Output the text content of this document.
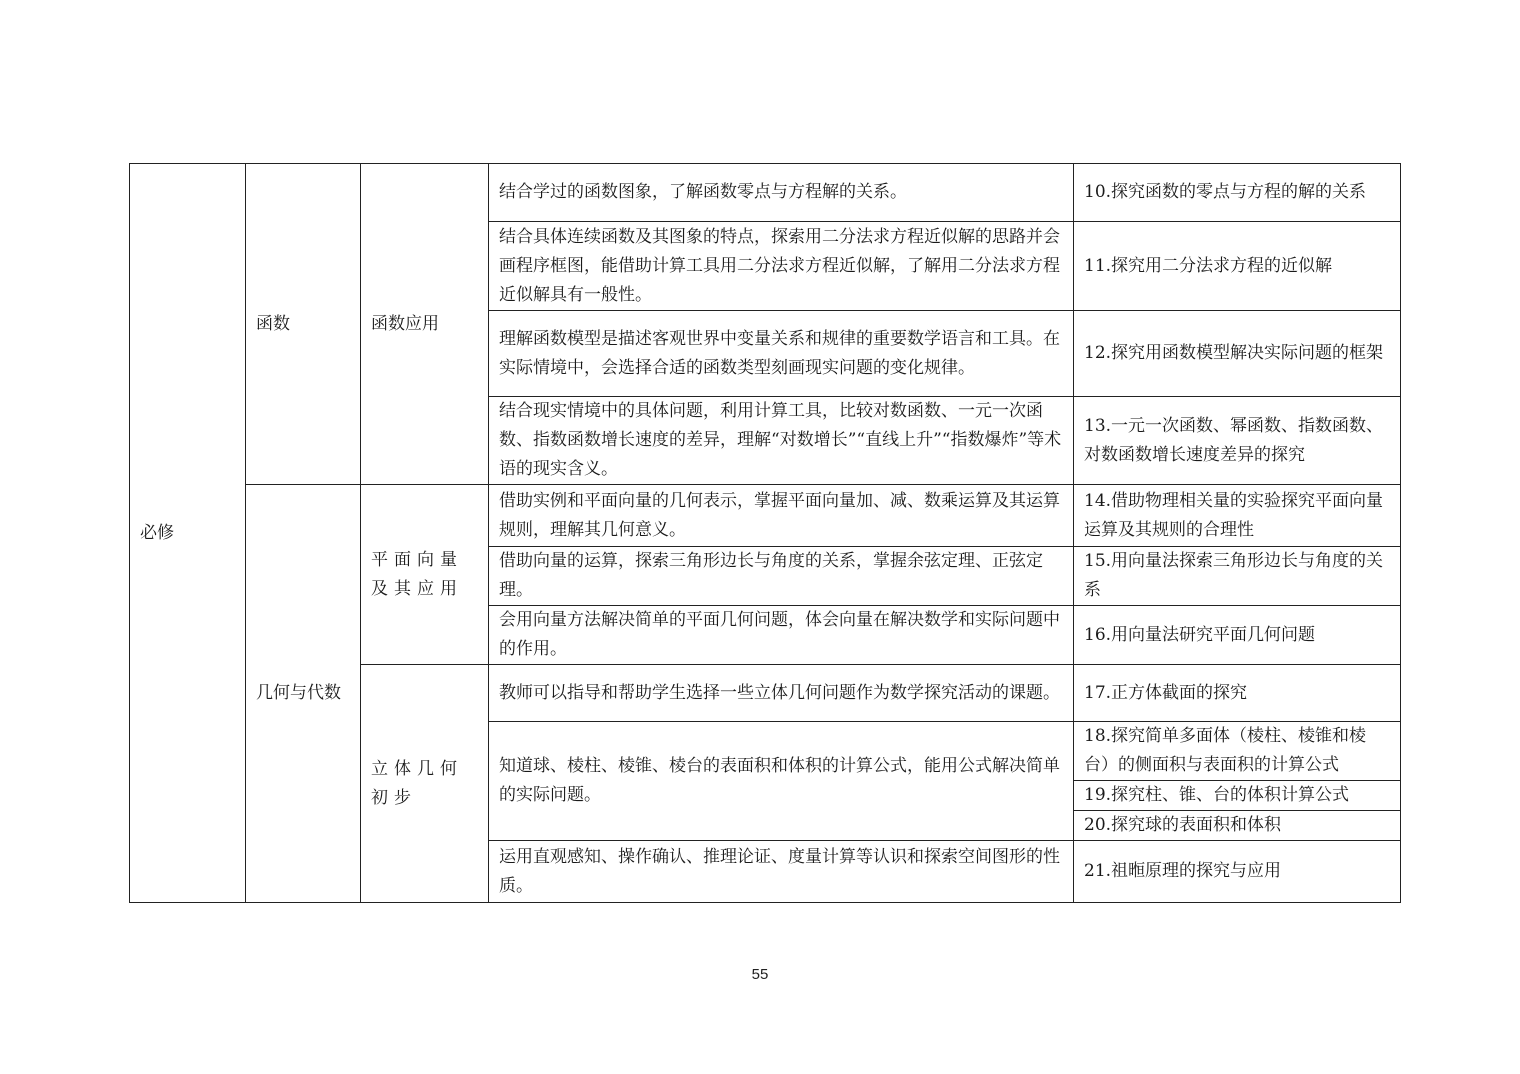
必修	函数	函数应用	结合学过的函数图象，了解函数零点与方程解的关系。	10.探究函数的零点与方程的解的关系
			结合具体连续函数及其图象的特点，探索用二分法求方程近似解的思路并会画程序框图，能借助计算工具用二分法求方程近似解，了解用二分法求方程近似解具有一般性。	11.探究用二分法求方程的近似解
			理解函数模型是描述客观世界中变量关系和规律的重要数学语言和工具。在实际情境中，会选择合适的函数类型刻画现实问题的变化规律。	12.探究用函数模型解决实际问题的框架
			结合现实情境中的具体问题，利用计算工具，比较对数函数、一元一次函数、指数函数增长速度的差异，理解“对数增长”“直线上升”“指数爆炸”等术语的现实含义。	13.一元一次函数、幂函数、指数函数、对数函数增长速度差异的探究
	几何与代数	平面向量及其应用	借助实例和平面向量的几何表示，掌握平面向量加、减、数乘运算及其运算规则，理解其几何意义。	14.借助物理相关量的实验探究平面向量运算及其规则的合理性
			借助向量的运算，探索三角形边长与角度的关系，掌握余弦定理、正弦定理。	15.用向量法探索三角形边长与角度的关系
			会用向量方法解决简单的平面几何问题，体会向量在解决数学和实际问题中的作用。	16.用向量法研究平面几何问题
		立体几何初步	教师可以指导和帮助学生选择一些立体几何问题作为数学探究活动的课题。	17.正方体截面的探究
			知道球、棱柱、棱锥、棱台的表面积和体积的计算公式，能用公式解决简单的实际问题。	18.探究简单多面体（棱柱、棱锥和棱台）的侧面积与表面积的计算公式
				19.探究柱、锥、台的体积计算公式
				20.探究球的表面积和体积
			运用直观感知、操作确认、推理论证、度量计算等认识和探索空间图形的性质。	21.祖暅原理的探究与应用
55
